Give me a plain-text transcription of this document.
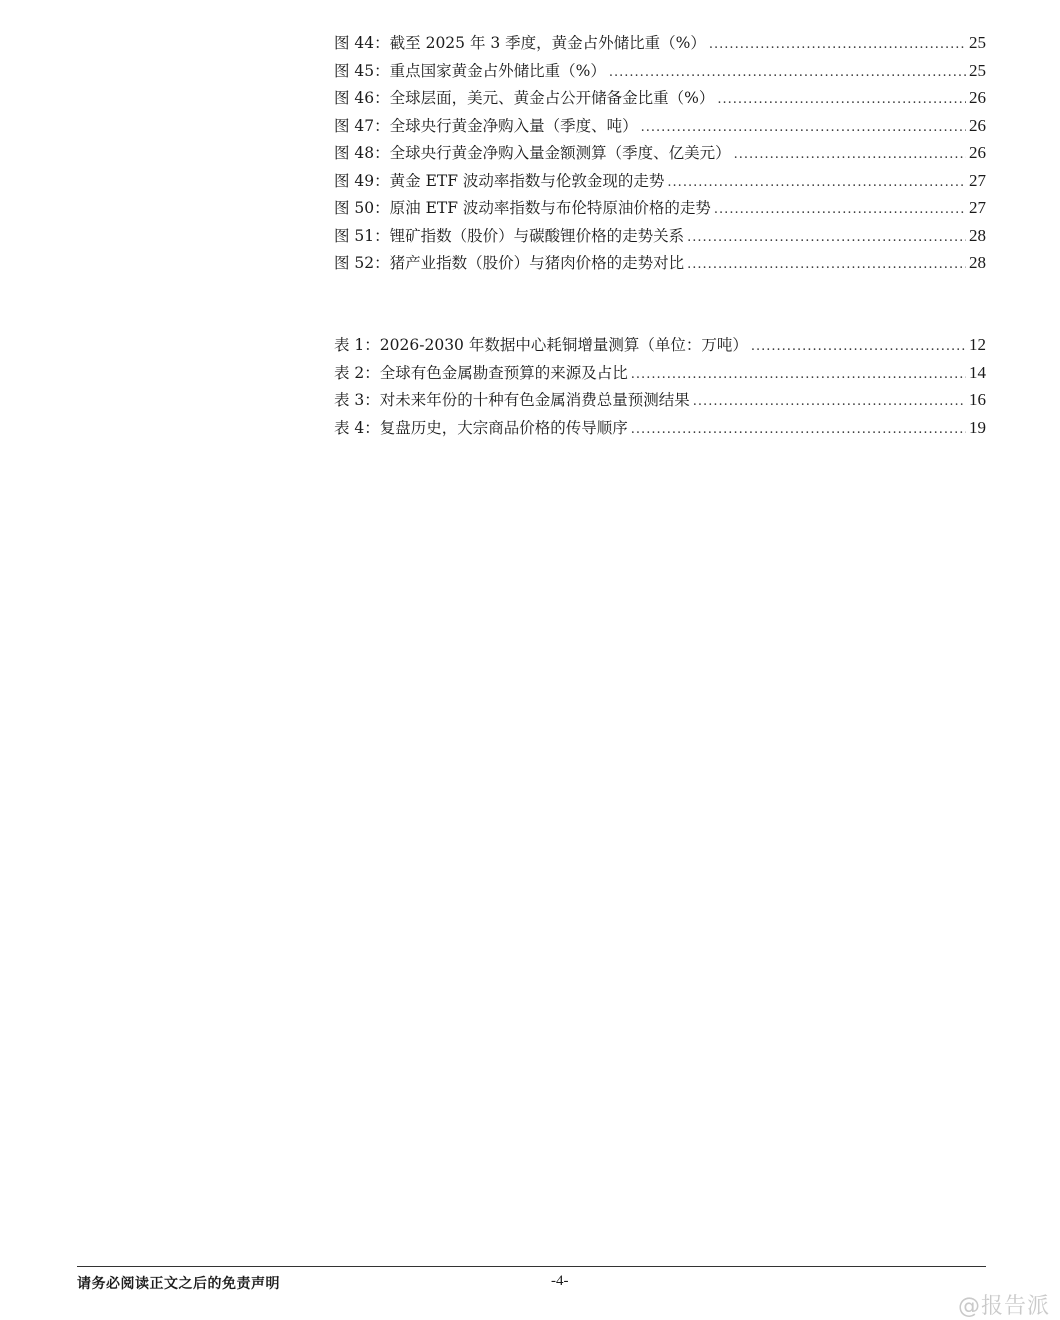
图 44：截至 2025 年 3 季度，黄金占外储比重（%） .....	25
图 45：重点国家黄金占外储比重（%） .....	25
图 46：全球层面，美元、黄金占公开储备金比重（%） .....	26
图 47：全球央行黄金净购入量（季度、吨） .....	26
图 48：全球央行黄金净购入量金额测算（季度、亿美元） .....	26
图 49：黄金 ETF 波动率指数与伦敦金现的走势 .....	27
图 50：原油 ETF 波动率指数与布伦特原油价格的走势 .....	27
图 51：锂矿指数（股价）与碳酸锂价格的走势关系 .....	28
图 52：猪产业指数（股价）与猪肉价格的走势对比 .....	28
表 1：2026-2030 年数据中心耗铜增量测算（单位：万吨） .....	12
表 2：全球有色金属勘查预算的来源及占比 .....	14
表 3：对未来年份的十种有色金属消费总量预测结果 .....	16
表 4：复盘历史，大宗商品价格的传导顺序 .....	19
请务必阅读正文之后的免责声明	-4-
@报告派
